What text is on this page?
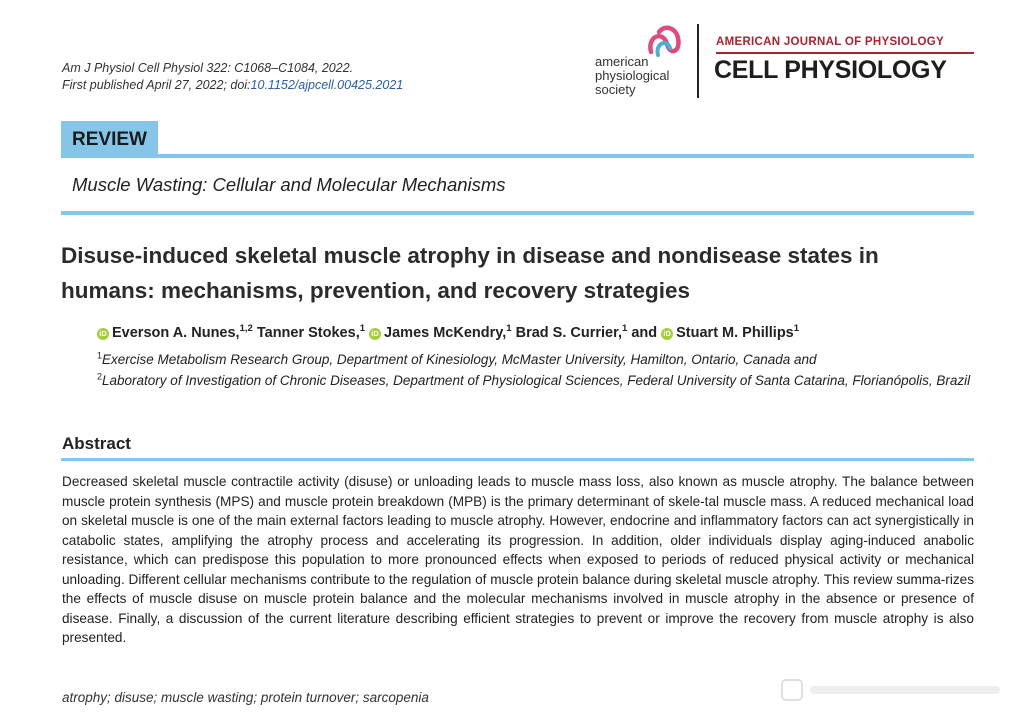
Am J Physiol Cell Physiol 322: C1068–C1084, 2022.
First published April 27, 2022; doi:10.1152/ajpcell.00425.2021
american
physiological
society
AMERICAN JOURNAL OF PHYSIOLOGY
CELL PHYSIOLOGY
REVIEW
Muscle Wasting: Cellular and Molecular Mechanisms
Disuse-induced skeletal muscle atrophy in disease and nondisease states in humans: mechanisms, prevention, and recovery strategies
iD Everson A. Nunes,$^{1,2}$ Tanner Stokes,$^1$ iD James McKendry,$^1$ Brad S. Currier,$^1$ and iD Stuart M. Phillips$^1$

$^1$Exercise Metabolism Research Group, Department of Kinesiology, McMaster University, Hamilton, Ontario, Canada and

$^2$Laboratory of Investigation of Chronic Diseases, Department of Physiological Sciences, Federal University of Santa Catarina, Florianópolis, Brazil

Abstract

Decreased skeletal muscle contractile activity (disuse) or unloading leads to muscle mass loss, also known as muscle atrophy. The balance between muscle protein synthesis (MPS) and muscle protein breakdown (MPB) is the primary determinant of skele-tal muscle mass. A reduced mechanical load on skeletal muscle is one of the main external factors leading to muscle atrophy. However, endocrine and inflammatory factors can act synergistically in catabolic states, amplifying the atrophy process and accelerating its progression. In addition, older individuals display aging-induced anabolic resistance, which can predispose this population to more pronounced effects when exposed to periods of reduced physical activity or mechanical unloading. Different cellular mechanisms contribute to the regulation of muscle protein balance during skeletal muscle atrophy. This review summa-rizes the effects of muscle disuse on muscle protein balance and the molecular mechanisms involved in muscle atrophy in the absence or presence of disease. Finally, a discussion of the current literature describing efficient strategies to prevent or improve the recovery from muscle atrophy is also presented.

atrophy; disuse; muscle wasting; protein turnover; sarcopenia
